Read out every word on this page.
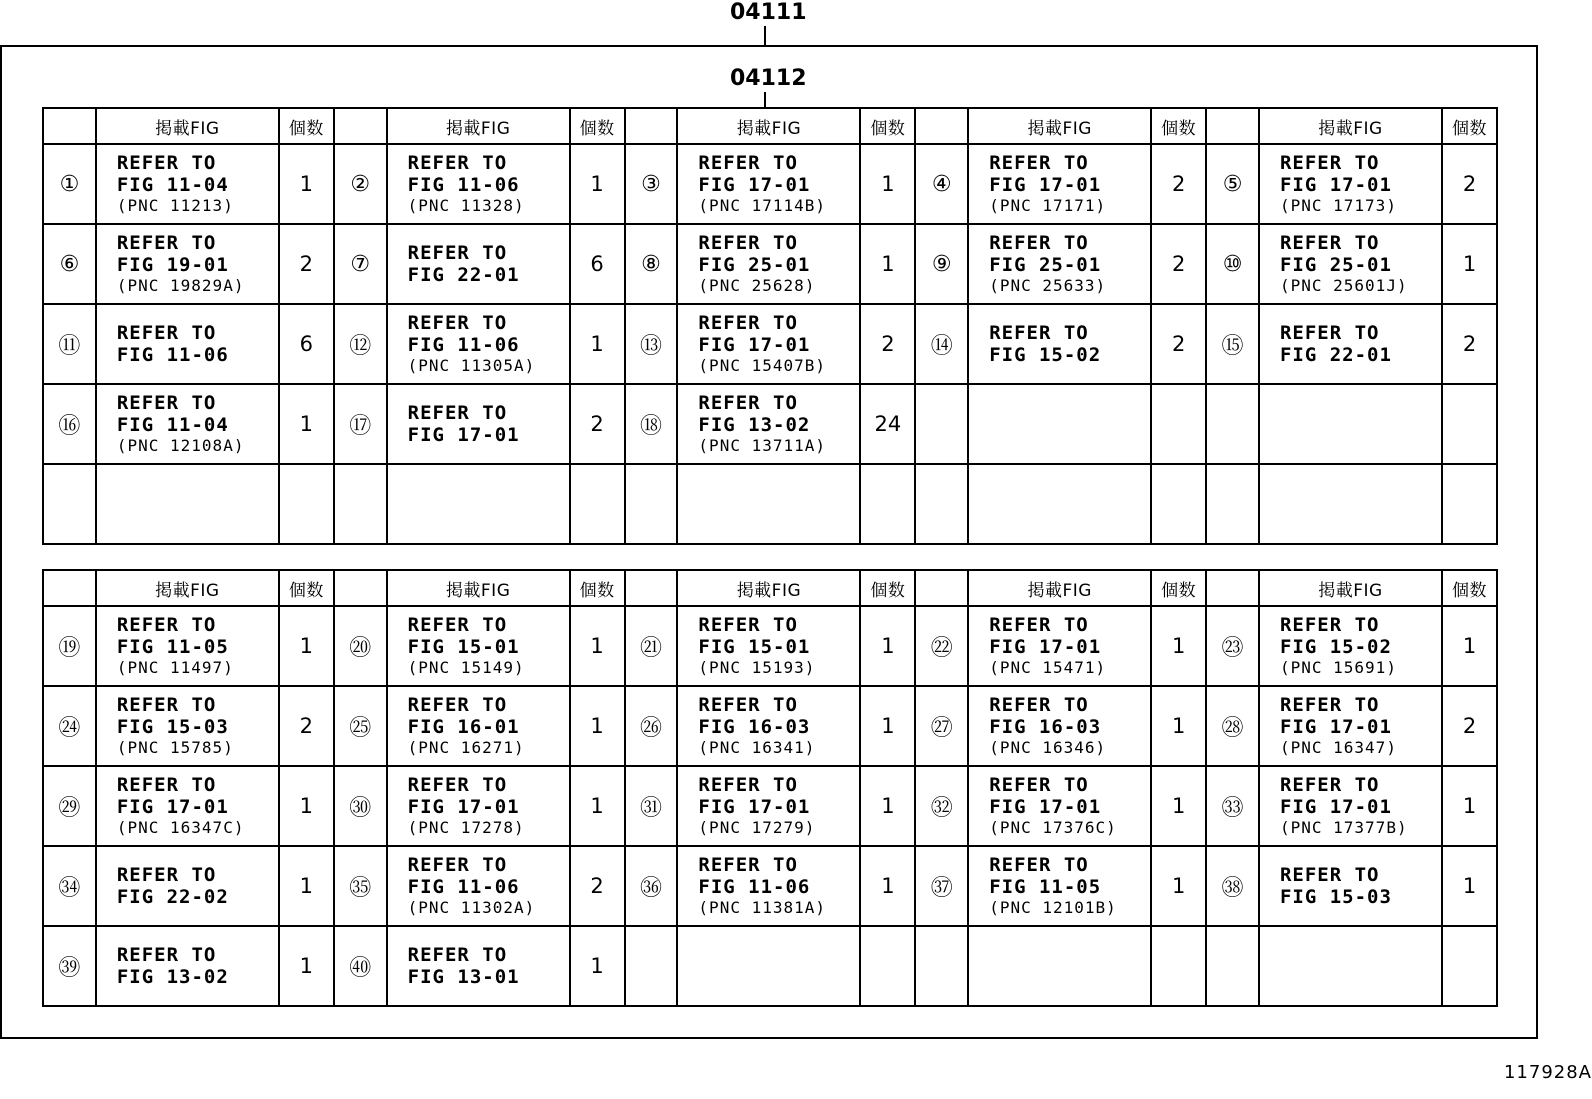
04111
04112
	掲載FIG	個数		掲載FIG	個数		掲載FIG	個数		掲載FIG	個数		掲載FIG	個数
①	REFER TO
FIG 11-04
(PNC 11213)	1	②	REFER TO
FIG 11-06
(PNC 11328)	1	③	REFER TO
FIG 17-01
(PNC 17114B)	1	④	REFER TO
FIG 17-01
(PNC 17171)	2	⑤	REFER TO
FIG 17-01
(PNC 17173)	2
⑥	REFER TO
FIG 19-01
(PNC 19829A)	2	⑦	REFER TO
FIG 22-01	6	⑧	REFER TO
FIG 25-01
(PNC 25628)	1	⑨	REFER TO
FIG 25-01
(PNC 25633)	2	⑩	REFER TO
FIG 25-01
(PNC 25601J)	1
⑪	REFER TO
FIG 11-06	6	⑫	REFER TO
FIG 11-06
(PNC 11305A)	1	⑬	REFER TO
FIG 17-01
(PNC 15407B)	2	⑭	REFER TO
FIG 15-02	2	⑮	REFER TO
FIG 22-01	2
⑯	REFER TO
FIG 11-04
(PNC 12108A)	1	⑰	REFER TO
FIG 17-01	2	⑱	REFER TO
FIG 13-02
(PNC 13711A)	24		

	掲載FIG	個数		掲載FIG	個数		掲載FIG	個数		掲載FIG	個数		掲載FIG	個数
⑲	REFER TO
FIG 11-05
(PNC 11497)	1	⑳	REFER TO
FIG 15-01
(PNC 15149)	1	㉑	REFER TO
FIG 15-01
(PNC 15193)	1	㉒	REFER TO
FIG 17-01
(PNC 15471)	1	㉓	REFER TO
FIG 15-02
(PNC 15691)	1
㉔	REFER TO
FIG 15-03
(PNC 15785)	2	㉕	REFER TO
FIG 16-01
(PNC 16271)	1	㉖	REFER TO
FIG 16-03
(PNC 16341)	1	㉗	REFER TO
FIG 16-03
(PNC 16346)	1	㉘	REFER TO
FIG 17-01
(PNC 16347)	2
㉙	REFER TO
FIG 17-01
(PNC 16347C)	1	㉚	REFER TO
FIG 17-01
(PNC 17278)	1	㉛	REFER TO
FIG 17-01
(PNC 17279)	1	㉜	REFER TO
FIG 17-01
(PNC 17376C)	1	㉝	REFER TO
FIG 17-01
(PNC 17377B)	1
㉞	REFER TO
FIG 22-02	1	㉟	REFER TO
FIG 11-06
(PNC 11302A)	2	㊱	REFER TO
FIG 11-06
(PNC 11381A)	1	㊲	REFER TO
FIG 11-05
(PNC 12101B)	1	㊳	REFER TO
FIG 15-03	1
㊴	REFER TO
FIG 13-02	1	㊵	REFER TO
FIG 13-01	1		

117928A
